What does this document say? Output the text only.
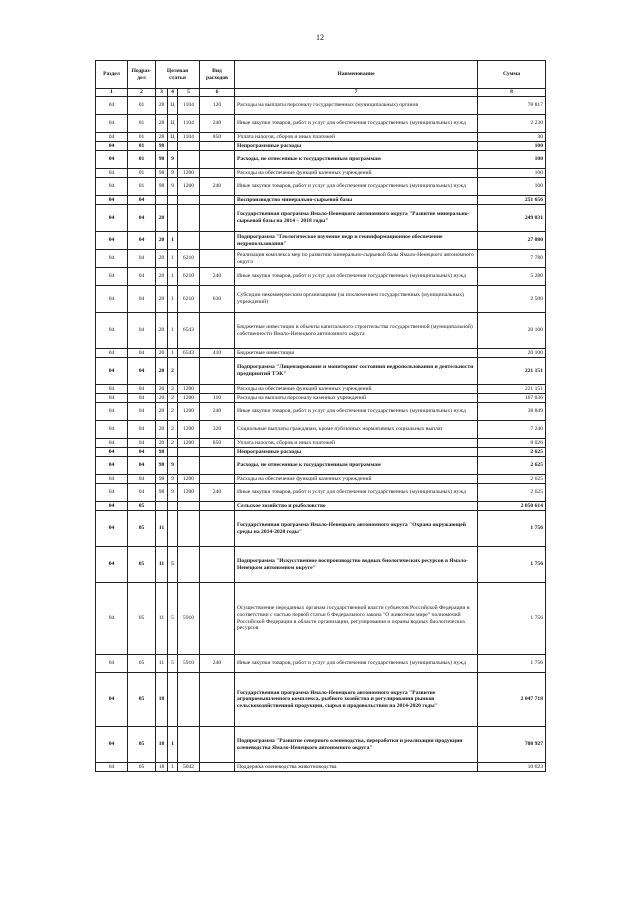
12
Раздел	Подраз-дел	Целевая статья			Вид расходов	Наименование	Сумма
1	2	3	4	5	6	7	8
04	01	28	Ц	1104	120	Расходы на выплаты персоналу государственных (муниципальных) органов	78 817
04	01	28	Ц	1104	240	Иные закупки товаров, работ и услуг для обеспечения государственных (муниципальных) нужд	2 230
04	01	28	Ц	1104	850	Уплата налогов, сборов и иных платежей	30
04	01	98				Непрограммные расходы	100
04	01	98	9			Расходы, не отнесенные к государственным программам	100
04	01	98	9	1200		Расходы на обеспечение функций казенных учреждений	100
04	01	98	9	1200	240	Иные закупки товаров, работ и услуг для обеспечения государственных (муниципальных) нужд	100
04	04					Воспроизводство минерально-сырьевой базы	251 656
04	04	20				Государственная программа Ямало-Ненецкого автономного округа "Развитие минерально-сырьевой базы на 2014 – 2018 годы"	249 031
04	04	20	1			Подпрограмма "Геологическое изучение недр и геоинформационное обеспечение недропользования"	27 880
04	04	20	1	6210		Реализация комплекса мер по развитию минерально-сырьевой базы Ямало-Ненецкого автономного округа	7 780
04	04	20	1	6210	240	Иные закупки товаров, работ и услуг для обеспечения государственных (муниципальных) нужд	5 280
04	04	20	1	6210	630	Субсидии некоммерческим организациям (за исключением государственных (муниципальных) учреждений)	2 500
04	04	20	1	6543		Бюджетные инвестиции в объекты капитального строительства государственной (муниципальной) собственности Ямало-Ненецкого автономного округа	20 100
04	04	20	1	6543	410	Бюджетные инвестиции	20 100
04	04	20	2			Подпрограмма "Лицензирование и мониторинг состояния недропользования и деятельности предприятий ТЭК"	221 151
04	04	20	2	1200		Расходы на обеспечение функций казенных учреждений	221 151
04	04	20	2	1200	110	Расходы на выплаты персоналу казенных учреждений	167 036
04	04	20	2	1200	240	Иные закупки товаров, работ и услуг для обеспечения государственных (муниципальных) нужд	38 849
04	04	20	2	1200	320	Социальные выплаты гражданам, кроме публичных нормативных социальных выплат	7 240
04	04	20	2	1200	850	Уплата налогов, сборов и иных платежей	8 026
04	04	98				Непрограммные расходы	2 625
04	04	98	9			Расходы, не отнесенные к государственным программам	2 625
04	04	98	9	1200		Расходы на обеспечение функций казенных учреждений	2 625
04	04	98	9	1200	240	Иные закупки товаров, работ и услуг для обеспечения государственных (муниципальных) нужд	2 625
04	05					Сельское хозяйство и рыболовство	2 050 614
04	05	11				Государственная программа Ямало-Ненецкого автономного округа "Охрана окружающей среды на 2014-2020 годы"	1 756
04	05	11	5			Подпрограмма "Искусственное воспроизводство водных биологических ресурсов в Ямало-Ненецком автономном округе"	1 756
04	05	11	5	5910		Осуществление переданных органам государственной власти субъектов Российской Федерации в соответствии с частью первой статьи 6 Федерального закона "О животном мире" полномочий Российской Федерации в области организации, регулирования и охраны водных биологических ресурсов	1 756
04	05	11	5	5910	240	Иные закупки товаров, работ и услуг для обеспечения государственных (муниципальных) нужд	1 756
04	05	18				Государственная программа Ямало-Ненецкого автономного округа "Развитие агропромышленного комплекса, рыбного хозяйства и регулирования рынков сельскохозяйственной продукции, сырья и продовольствия на 2014-2020 годы"	2 047 718
04	05	18	1			Подпрограмма "Развитие северного оленеводства, переработки и реализация продукции оленеводства Ямало-Ненецкого автономного округа"	708 927
04	05	18	1	5042		Поддержка оленеводства животноводства	10 623
